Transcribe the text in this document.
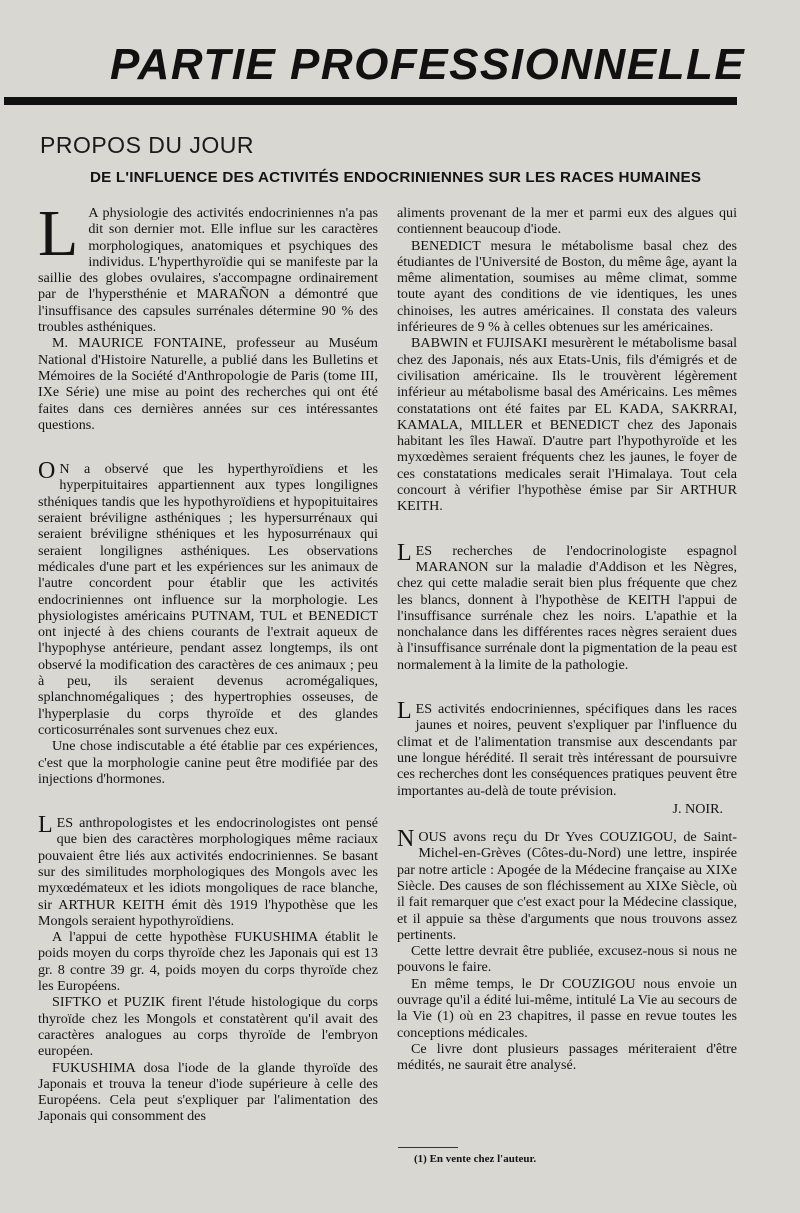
PARTIE PROFESSIONNELLE
PROPOS DU JOUR
DE L'INFLUENCE DES ACTIVITÉS ENDOCRINIENNES SUR LES RACES HUMAINES

L A physiologie des activités endocriniennes n'a pas dit son dernier mot. Elle influe sur les caractères morphologiques, anatomiques et psychiques des individus. L'hyperthyroïdie qui se manifeste par la saillie des globes ovulaires, s'accompagne ordinairement par de l'hypersthénie et MARAÑON a démontré que l'insuffisance des capsules surrénales détermine 90 % des troubles asthéniques.

M. MAURICE FONTAINE, professeur au Muséum National d'Histoire Naturelle, a publié dans les Bulletins et Mémoires de la Société d'Anthropologie de Paris (tome III, IXe Série) une mise au point des recherches qui ont été faites dans ces dernières années sur ces intéressantes questions.

O N a observé que les hyperthyroïdiens et les hyperpituitaires appartiennent aux types longilignes sthéniques tandis que les hypothyroïdiens et hypopituitaires seraient bréviligne asthéniques ; les hypersurrénaux qui seraient bréviligne sthéniques et les hyposurrénaux qui seraient longilignes asthéniques. Les observations médicales d'une part et les expériences sur les animaux de l'autre concordent pour établir que les activités endocriniennes ont influence sur la morphologie. Les physiologistes américains PUTNAM, TUL et BENEDICT ont injecté à des chiens courants de l'extrait aqueux de l'hypophyse antérieure, pendant assez longtemps, ils ont observé la modification des caractères de ces animaux ; peu à peu, ils seraient devenus acromégaliques, splanchnomégaliques ; des hypertrophies osseuses, de l'hyperplasie du corps thyroïde et des glandes corticosurrénales sont survenues chez eux.

Une chose indiscutable a été établie par ces expériences, c'est que la morphologie canine peut être modifiée par des injections d'hormones.

LES anthropologistes et les endocrinologistes ont pensé que bien des caractères morphologiques même raciaux pouvaient être liés aux activités endocriniennes. Se basant sur des similitudes morphologiques des Mongols avec les myxœdémateux et les idiots mongoliques de race blanche, sir ARTHUR KEITH émit dès 1919 l'hypothèse que les Mongols seraient hypothyroïdiens.

A l'appui de cette hypothèse FUKUSHIMA établit le poids moyen du corps thyroïde chez les Japonais qui est 13 gr. 8 contre 39 gr. 4, poids moyen du corps thyroïde chez les Européens.

SIFTKO et PUZIK firent l'étude histologique du corps thyroïde chez les Mongols et constatèrent qu'il avait des caractères analogues au corps thyroïde de l'embryon européen.

FUKUSHIMA dosa l'iode de la glande thyroïde des Japonais et trouva la teneur d'iode supérieure à celle des Européens. Cela peut s'expliquer par l'alimentation des Japonais qui consomment des

aliments provenant de la mer et parmi eux des algues qui contiennent beaucoup d'iode.

BENEDICT mesura le métabolisme basal chez des étudiantes de l'Université de Boston, du même âge, ayant la même alimentation, soumises au même climat, somme toute ayant des conditions de vie identiques, les unes chinoises, les autres américaines. Il constata des valeurs inférieures de 9 % à celles obtenues sur les américaines.

BABWIN et FUJISAKI mesurèrent le métabolisme basal chez des Japonais, nés aux Etats-Unis, fils d'émigrés et de civilisation américaine. Ils le trouvèrent légèrement inférieur au métabolisme basal des Américains. Les mêmes constatations ont été faites par EL KADA, SAKRRAI, KAMALA, MILLER et BENEDICT chez des Japonais habitant les îles Hawaï. D'autre part l'hypothyroïde et les myxœdèmes seraient fréquents chez les jaunes, le foyer de ces constatations medicales serait l'Himalaya. Tout cela concourt à vérifier l'hypothèse émise par Sir ARTHUR KEITH.

LES recherches de l'endocrinologiste espagnol MARANON sur la maladie d'Addison et les Nègres, chez qui cette maladie serait bien plus fréquente que chez les blancs, donnent à l'hypothèse de KEITH l'appui de l'insuffisance surrénale chez les noirs. L'apathie et la nonchalance dans les différentes races nègres seraient dues à l'insuffisance surrénale dont la pigmentation de la peau est normalement à la limite de la pathologie.

LES activités endocriniennes, spécifiques dans les races jaunes et noires, peuvent s'expliquer par l'influence du climat et de l'alimentation transmise aux descendants par une longue hérédité. Il serait très intéressant de poursuivre ces recherches dont les conséquences pratiques peuvent être importantes au-delà de toute prévision.

J. NOIR.

NOUS avons reçu du Dr Yves COUZIGOU, de Saint-Michel-en-Grèves (Côtes-du-Nord) une lettre, inspirée par notre article : Apogée de la Médecine française au XIXe Siècle. Des causes de son fléchissement au XIXe Siècle, où il fait remarquer que c'est exact pour la Médecine classique, et il appuie sa thèse d'arguments que nous trouvons assez pertinents.

Cette lettre devrait être publiée, excusez-nous si nous ne pouvons le faire.

En même temps, le Dr COUZIGOU nous envoie un ouvrage qu'il a édité lui-même, intitulé La Vie au secours de la Vie (1) où en 23 chapitres, il passe en revue toutes les conceptions médicales.

Ce livre dont plusieurs passages mériteraient d'être médités, ne saurait être analysé.

(1) En vente chez l'auteur.
